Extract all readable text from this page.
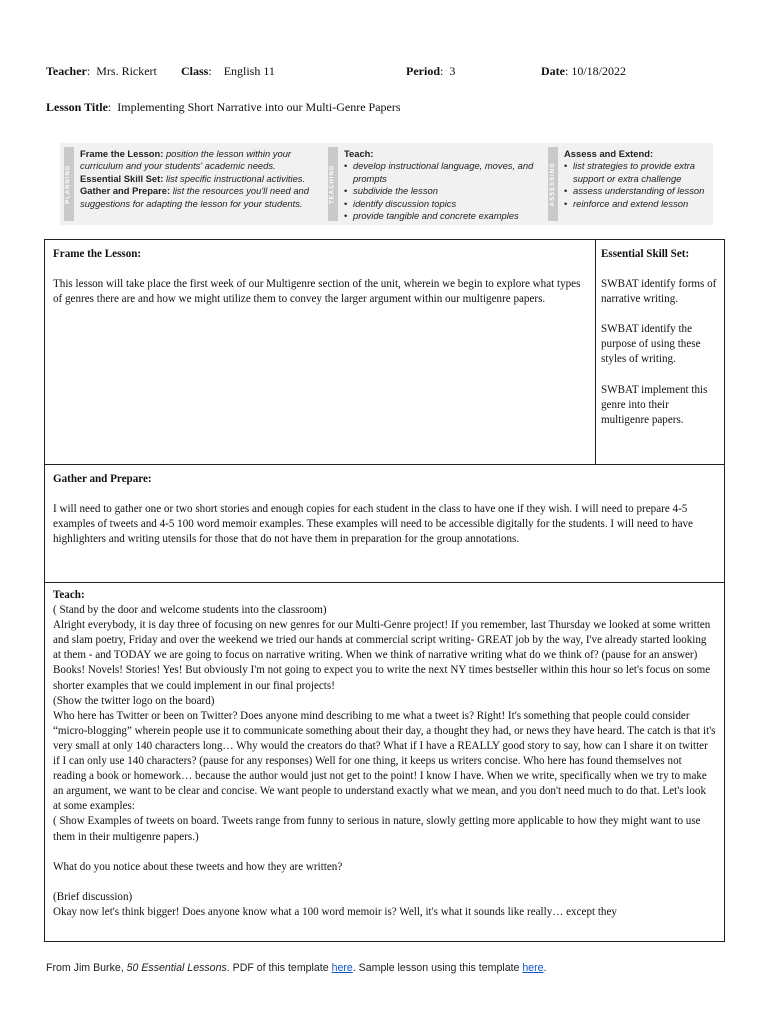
Teacher:  Mrs. Rickert Class:    English 11	Period:  3	Date: 10/18/2022
Lesson Title:  Implementing Short Narrative into our Multi-Genre Papers
PLANNING

Frame the Lesson: position the lesson within your curriculum and your students' academic needs.

Essential Skill Set: list specific instructional activities.

Gather and Prepare: list the resources you'll need and suggestions for adapting the lesson for your students.	TEACHING

Teach:

• develop instructional language, moves, and prompts
• subdivide the lesson
• identify discussion topics
• provide tangible and concrete examples
ASSESSING

Assess and Extend:

• list strategies to provide extra support or extra challenge
• assess understanding of lesson
• reinforce and extend lesson
Frame the Lesson:

This lesson will take place the first week of our Multigenre section of the unit, wherein we begin to explore what types of genres there are and how we might utilize them to convey the larger argument within our multigenre papers.

Essential Skill Set:

SWBAT identify forms of narrative writing.

SWBAT identify the purpose of using these styles of writing.

SWBAT implement this genre into their multigenre papers.

Gather and Prepare:

I will need to gather one or two short stories and enough copies for each student in the class to have one if they wish. I will need to prepare 4-5 examples of tweets and 4-5 100 word memoir examples. These examples will need to be accessible digitally for the students. I will need to have highlighters and writing utensils for those that do not have them in preparation for the group annotations.

Teach:

( Stand by the door and welcome students into the classroom)

Alright everybody, it is day three of focusing on new genres for our Multi-Genre project! If you remember, last Thursday we looked at some written and slam poetry, Friday and over the weekend we tried our hands at commercial script writing- GREAT job by the way, I've already started looking at them - and TODAY we are going to focus on narrative writing. When we think of narrative writing what do we think of? (pause for an answer) Books! Novels! Stories! Yes! But obviously I'm not going to expect you to write the next NY times bestseller within this hour so let's focus on some shorter examples that we could implement in our final projects!

(Show the twitter logo on the board)

Who here has Twitter or been on Twitter? Does anyone mind describing to me what a tweet is? Right! It's something that people could consider “micro-blogging” wherein people use it to communicate something about their day, a thought they had, or news they have heard. The catch is that it's very small at only 140 characters long… Why would the creators do that? What if I have a REALLY good story to say, how can I share it on twitter if I can only use 140 characters? (pause for any responses) Well for one thing, it keeps us writers concise. Who here has found themselves not reading a book or homework… because the author would just not get to the point! I know I have. When we write, specifically when we try to make an argument, we want to be clear and concise. We want people to understand exactly what we mean, and you don't need much to do that. Let's look at some examples:

( Show Examples of tweets on board. Tweets range from funny to serious in nature, slowly getting more applicable to how they might want to use them in their multigenre papers.)

What do you notice about these tweets and how they are written?

(Brief discussion)

Okay now let's think bigger! Does anyone know what a 100 word memoir is? Well, it's what it sounds like really… except they

From Jim Burke, 50 Essential Lessons. PDF of this template here. Sample lesson using this template here.
